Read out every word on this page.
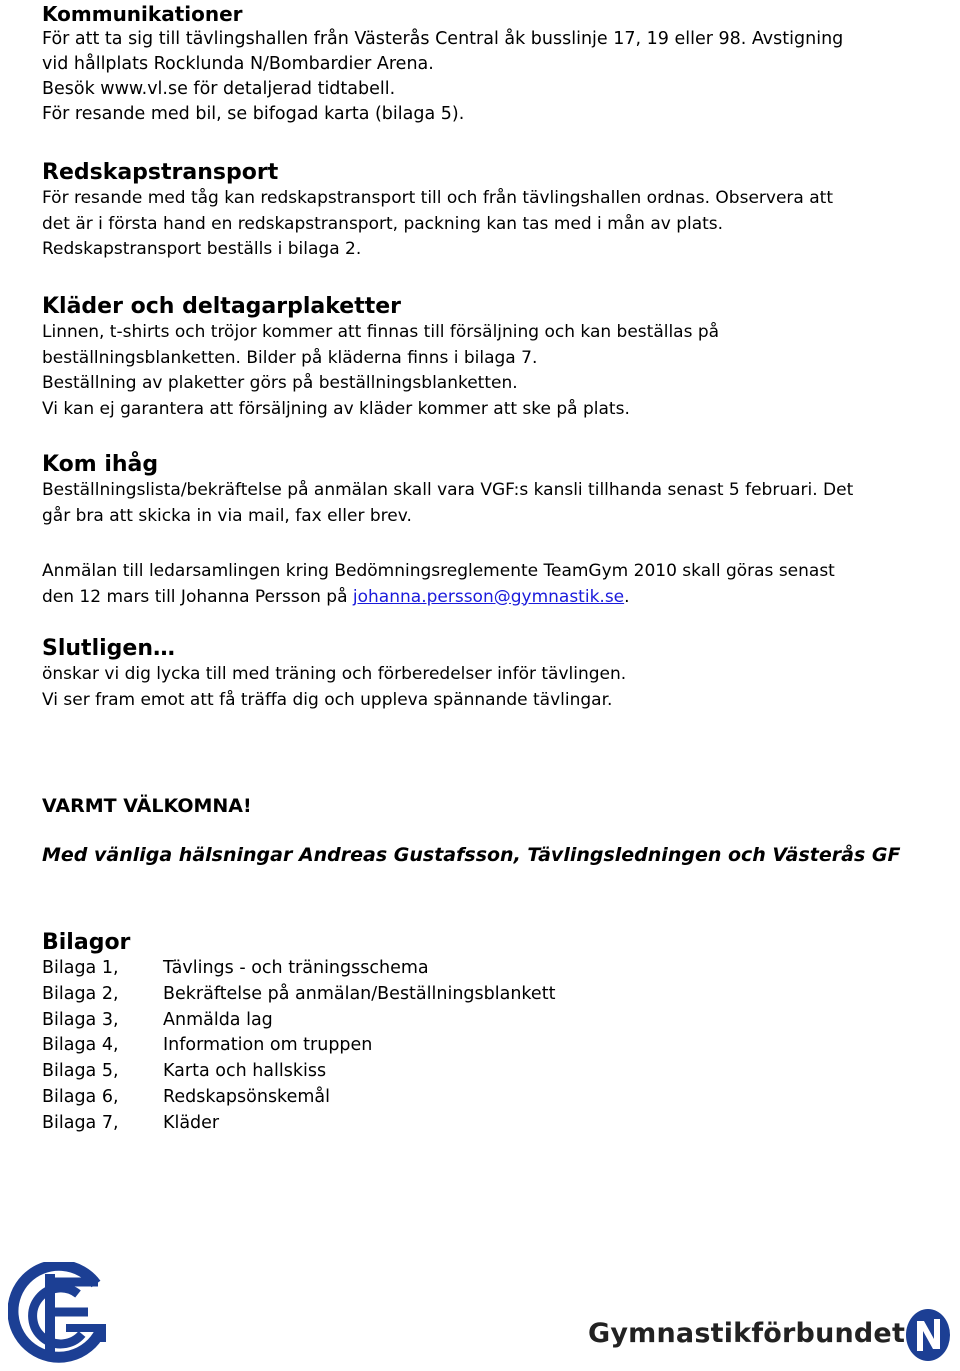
Kommunikationer

För att ta sig till tävlingshallen från Västerås Central åk busslinje 17, 19 eller 98. Avstigning

vid hållplats Rocklunda N/Bombardier Arena.

Besök www.vl.se för detaljerad tidtabell.

För resande med bil, se bifogad karta (bilaga 5).

Redskapstransport

För resande med tåg kan redskapstransport till och från tävlingshallen ordnas. Observera att

det är i första hand en redskapstransport, packning kan tas med i mån av plats.

Redskapstransport beställs i bilaga 2.

Kläder och deltagarplaketter

Linnen, t-shirts och tröjor kommer att finnas till försäljning och kan beställas på

beställningsblanketten. Bilder på kläderna finns i bilaga 7.

Beställning av plaketter görs på beställningsblanketten.

Vi kan ej garantera att försäljning av kläder kommer att ske på plats.

Kom ihåg

Beställningslista/bekräftelse på anmälan skall vara VGF:s kansli tillhanda senast 5 februari. Det

går bra att skicka in via mail, fax eller brev.

Anmälan till ledarsamlingen kring Bedömningsreglemente TeamGym 2010 skall göras senast

den 12 mars till Johanna Persson på johanna.persson@gymnastik.se.

Slutligen…

önskar vi dig lycka till med träning och förberedelser inför tävlingen.

Vi ser fram emot att få träffa dig och uppleva spännande tävlingar.

VARMT VÄLKOMNA!
Med vänliga hälsningar Andreas Gustafsson, Tävlingsledningen och Västerås GF
Bilagor
Bilaga 1,	Tävlings - och träningsschema
Bilaga 2,	Bekräftelse på anmälan/Beställningsblankett
Bilaga 3,	Anmälda lag
Bilaga 4,	Information om truppen
Bilaga 5,	Karta och hallskiss
Bilaga 6,	Redskapsönskemål
Bilaga 7,	Kläder
Gymnastikförbundet
